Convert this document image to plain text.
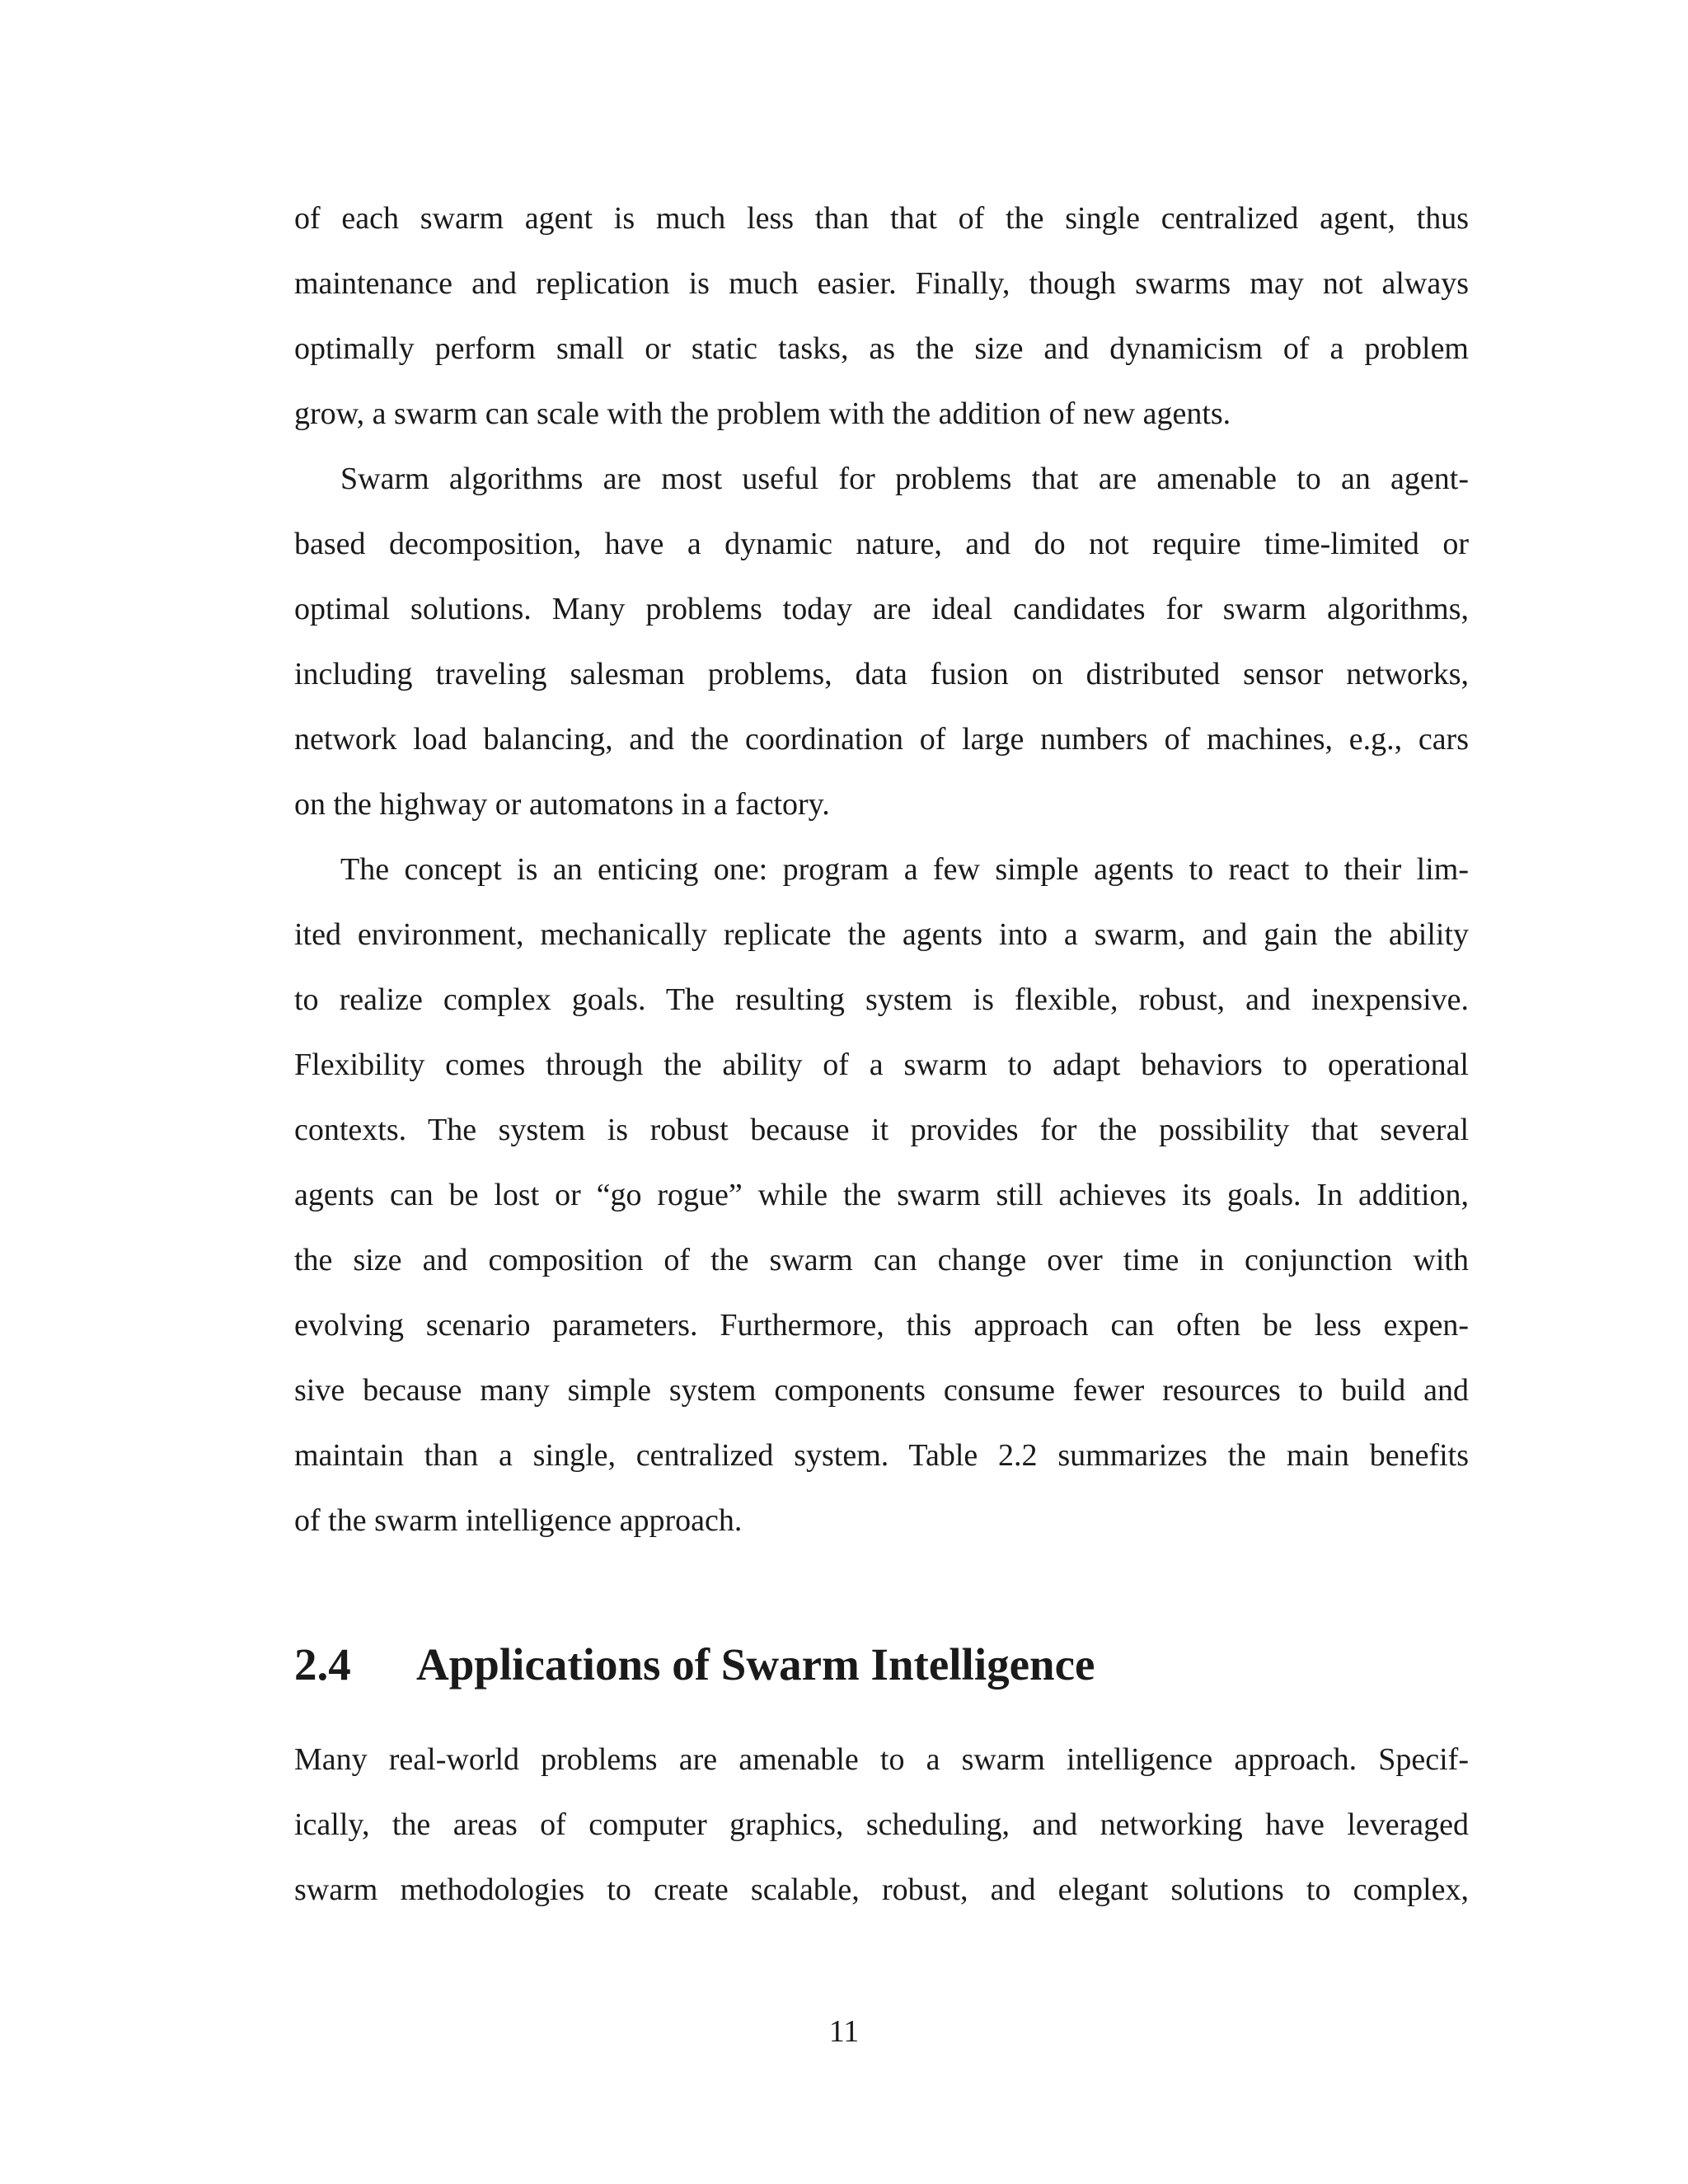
of each swarm agent is much less than that of the single centralized agent, thus
maintenance and replication is much easier. Finally, though swarms may not always
optimally perform small or static tasks, as the size and dynamicism of a problem
grow, a swarm can scale with the problem with the addition of new agents.
Swarm algorithms are most useful for problems that are amenable to an agent-
based decomposition, have a dynamic nature, and do not require time-limited or
optimal solutions. Many problems today are ideal candidates for swarm algorithms,
including traveling salesman problems, data fusion on distributed sensor networks,
network load balancing, and the coordination of large numbers of machines, e.g., cars
on the highway or automatons in a factory.
The concept is an enticing one: program a few simple agents to react to their lim-
ited environment, mechanically replicate the agents into a swarm, and gain the ability
to realize complex goals. The resulting system is flexible, robust, and inexpensive.
Flexibility comes through the ability of a swarm to adapt behaviors to operational
contexts. The system is robust because it provides for the possibility that several
agents can be lost or “go rogue” while the swarm still achieves its goals. In addition,
the size and composition of the swarm can change over time in conjunction with
evolving scenario parameters. Furthermore, this approach can often be less expen-
sive because many simple system components consume fewer resources to build and
maintain than a single, centralized system. Table 2.2 summarizes the main benefits
of the swarm intelligence approach.
2.4 Applications of Swarm Intelligence
Many real-world problems are amenable to a swarm intelligence approach. Specif-
ically, the areas of computer graphics, scheduling, and networking have leveraged
swarm methodologies to create scalable, robust, and elegant solutions to complex,
11
